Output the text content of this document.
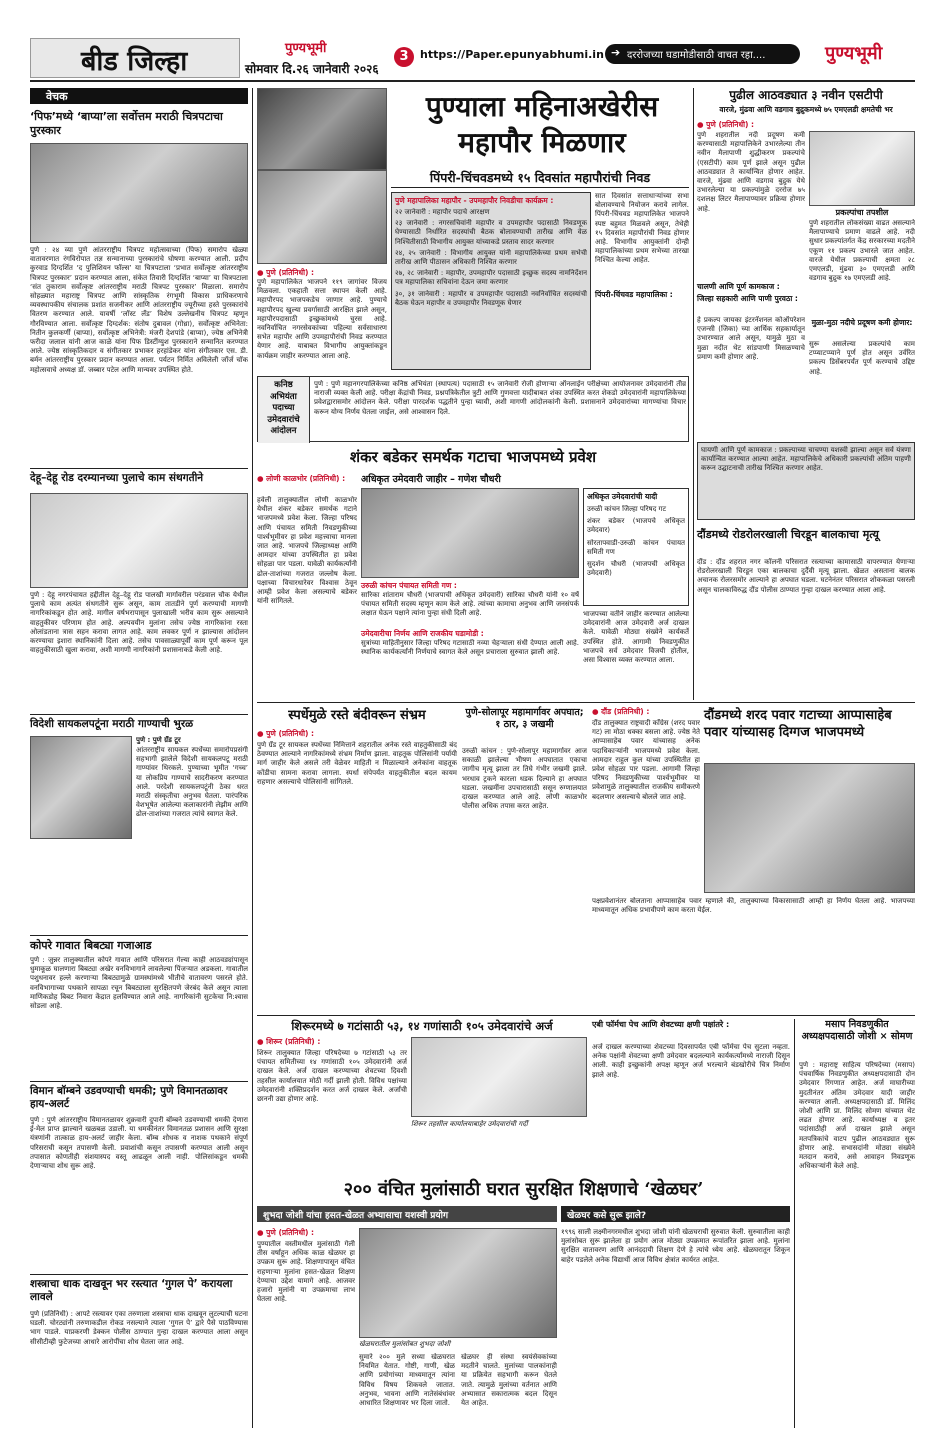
बीड जिल्हा	पुण्यभूमी
सोमवार दि.२६ जानेवारी २०२६
3	https://Paper.epunyabhumi.in ➔ दररोजच्या घडामोडीसाठी वाचत रहा....	पुण्यभूमी
वेचक
‘पिफ’मध्ये ‘बाप्या’ला सर्वोत्तम मराठी चित्रपटाचा पुरस्कार
पुणे : २४ व्या पुणे आंतरराष्ट्रीय चित्रपट महोत्सवाच्या (पिफ) समारोप खेळ्या वातावरणात रंगविरोपात तज्ञ सन्मानाच्या पुरस्कारांचे घोषणा करण्यात आली. प्रदीप कुरवाड दिग्दर्शित ‘द पुलिशियन फॉल्स’ या चित्रपटाला ‘प्रभात सर्वोत्कृष्ट आंतरराष्ट्रीय चित्रपट पुरस्कार’ प्रदान करण्यात आला, संकेत तिवारी दिग्दर्शित ‘बाप्या’ या चित्रपटाला ‘संत तुकाराम सर्वोत्कृष्ट आंतरराष्ट्रीय मराठी चित्रपट पुरस्कार’ मिळाला. समारोप सोहळ्यात महाराष्ट्र चित्रपट आणि सांस्कृतिक रंगभूमी विकास प्राधिकरणाचे व्यवस्थापकीय संचालक प्रशांत सजनीकर आणि आंतरराष्ट्रीय ज्यूरीच्या हस्ते पुरस्कारांचे वितरण करण्यात आले. यावर्षी ‘लॉस्ट लँड’ विशेष उल्लेखनीय चित्रपट म्हणून गौरविण्यात आला. सर्वोत्कृष्ट दिग्दर्शक: संतोष दुबावल (गोध्रा), सर्वोत्कृष्ट अभिनेता: नितीन कुलकर्णी (बाप्या), सर्वोत्कृष्ट अभिनेत्री: मंजरी देशपांडे (बाप्या), ज्येष्ठ अभिनेत्री फरीदा जलाल यांनी आज काळे यांना पिफ डिस्टींग्युश पुरस्काराने सन्मानित करण्यात आले. ज्येष्ठ सांस्कृतिकदार व संगीतकार प्रभाकर हरहांडेकर यांना संगीतकार एस. डी. बर्मन आंतरराष्ट्रीय पुरस्कार प्रदान करण्यात आला. पर्यटन निर्मित अविलेली जॉर्ज चॉक महोत्सवाचे अध्यक्ष डॉ. जब्बार पटेल आणि मान्यवर उपस्थित होते.
देहू–देहू रोड दरम्यानच्या पुलाचे काम संथगतीने
पुणे : देहू नगरपंचायत हद्दीतील देहू–देहू रोड पालखी मार्गावरील परंडवाल चौक येथील पुलाचे काम अत्यंत संथगतीने सुरू असून, काम तातडीने पूर्ण करण्याची मागणी नागरिकांकडून होत आहे. मागील वर्षभरापासून पुलाखाली भरीव काम सुरू असल्याने वाहतुकीवर परिणाम होत आहे. अल्पवयीन मुलांना तसेच ज्येष्ठ नागरिकांना रस्ता ओलांडताना त्रास सहन करावा लागत आहे. काम लवकर पूर्ण न झाल्यास आंदोलन करण्याचा इशारा स्थानिकांनी दिला आहे. तसेच पावसाळ्यापूर्वी काम पूर्ण करून पूल वाहतुकीसाठी खुला करावा, अशी मागणी नागरिकांनी प्रशासनाकडे केली आहे.
विदेशी सायकलपटूंना मराठी गाण्याची भुरळ
पुणे : पुणे ग्रँड टूर
आंतरराष्ट्रीय सायकल स्पर्धेच्या समारोपप्रसंगी सहभागी झालेले विदेशी सायकलपटू मराठी गाण्यांवर थिरकले. पुण्याच्या भूमीत ‘गच्च’ या लोकप्रिय गाण्याचे सादरीकरण करण्यात आले. परदेशी सायकलपटूंनी ठेका धरत मराठी संस्कृतीचा अनुभव घेतला. पारंपरिक वेशभूषेत आलेल्या कलाकारांनी लेझीम आणि ढोल-ताशांच्या गजरात त्यांचे स्वागत केले.
कोपरे गावात बिबट्या गजाआड
पुणे : जुन्नर तालुक्यातील कोपरे गावात आणि परिसरात गेल्या काही आठवड्यांपासून धुमाकूळ घालणारा बिबट्या अखेर वनविभागाने लावलेल्या पिंजऱ्यात अडकला. गावातील पशुधनावर हल्ले करणाऱ्या बिबट्यामुळे ग्रामस्थांमध्ये भीतीचे वातावरण पसरले होते. वनविभागाच्या पथकाने सापळा रचून बिबट्याला सुरक्षितपणे जेरबंद केले असून त्याला माणिकडोह बिबट निवारा केंद्रात हलविण्यात आले आहे. नागरिकांनी सुटकेचा नि:श्वास सोडला आहे.
विमान बॉम्बने उडवण्याची धमकी; पुणे विमानतळावर हाय-अलर्ट
पुणे : पुणे आंतरराष्ट्रीय विमानतळावर शुक्रवारी दुपारी बॉम्बने उडवण्याची धमकी देणारा ई-मेल प्राप्त झाल्याने खळबळ उडाली. या धमकीनंतर विमानतळ प्रशासन आणि सुरक्षा यंत्रणांनी तात्काळ हाय-अलर्ट जाहीर केला. बॉम्ब शोधक व नाशक पथकाने संपूर्ण परिसराची कसून तपासणी केली. प्रवाशांची कसून तपासणी करण्यात आली असून तपासात कोणतीही संशयास्पद वस्तू आढळून आली नाही. पोलिसांकडून धमकी देणाऱ्याचा शोध सुरू आहे.
शस्त्राचा धाक दाखवून भर रस्त्यात ‘गुगल पे’ करायला लावले
पुणे (प्रतिनिधी) : आपटे रस्त्यावर एका तरुणाला शस्त्राचा धाक दाखवून लुटल्याची घटना घडली. चोरट्यांनी तरुणाकडील रोकड नसल्याने त्याला ‘गुगल पे’ द्वारे पैसे पाठविण्यास भाग पाडले. याप्रकरणी डेक्कन पोलीस ठाण्यात गुन्हा दाखल करण्यात आला असून सीसीटीव्ही फुटेजच्या आधारे आरोपींचा शोध घेतला जात आहे.
पुण्याला महिनाअखेरीस
महापौर मिळणार
पिंपरी-चिंचवडमध्ये १५ दिवसांत महापौरांची निवड
● पुणे (प्रतिनिधी) :
पुणे महापालिकेत भाजपने ११९ जागांवर विजय मिळवला. एकहाती सत्ता स्थापन केली आहे. महापौरपद भाजपकडेच जाणार आहे. पुण्याचे महापौरपद खुल्या प्रवर्गासाठी आरक्षित झाले असून, महापौरपदासाठी इच्छुकांमध्ये चुरस आहे. नवनिर्वाचित नगरसेवकांच्या पहिल्या सर्वसाधारण सभेत महापौर आणि उपमहापौरांची निवड करण्यात येणार आहे. याबाबत विभागीय आयुक्तांकडून कार्यक्रम जाहीर करण्यात आला आहे.
पुणे महापालिका महापौर - उपमहापौर निवडीचा कार्यक्रम :
२२ जानेवारी : महापौर पदाचे आरक्षण
२३ जानेवारी : नगरसचिवांनी महापौर व उपमहापौर पदासाठी निवडणूक घेण्यासाठी निर्धारित सदस्यांची बैठक बोलावण्याची तारीख आणि वेळ निश्चितीसाठी विभागीय आयुक्त यांच्याकडे प्रस्ताव सादर करणार
२४, २५ जानेवारी : विभागीय आयुक्त यांनी महापालिकेच्या प्रथम सभेची तारीख आणि पीठासन अधिकारी निश्चित करणार
२७, २८ जानेवारी : महापौर, उपमहापौर पदासाठी इच्छुक सदस्य नामनिर्देशन पत्र महापालिका सचिवांना देऊन जमा करणार
३०, ३१ जानेवारी : महापौर व उपमहापौर पदासाठी नवनिर्वाचित सदस्यांची बैठक घेऊन महापौर व उपमहापौर निवडणूक घेणार
सात दिवसांत सत्ताधाऱ्यांच्या सभा बोलावण्याचे नियोजन करावे लागेल. पिंपरी-चिंचवड महापालिकेत भाजपने स्पष्ट बहुमत मिळवले असून, तेथेही १५ दिवसांत महापौरांची निवड होणार आहे. विभागीय आयुक्तांनी दोन्ही महापालिकांच्या प्रथम सभेच्या तारखा निश्चित केल्या आहेत.
पिंपरी-चिंचवड महापालिका :
कनिष्ठ अभियंता पदाच्या उमेदवारांचे आंदोलन
पुणे : पुणे महानगरपालिकेच्या कनिष्ठ अभियंता (स्थापत्य) पदासाठी १५ जानेवारी रोजी होणाऱ्या ऑनलाईन परीक्षेच्या आयोजनावर उमेदवारांनी तीव्र नाराजी व्यक्त केली आहे. परीक्षा केंद्रांची निवड, प्रश्नपत्रिकेतील त्रुटी आणि गुणवत्ता यादीबाबत शंका उपस्थित करत शेकडो उमेदवारांनी महापालिकेच्या प्रवेशद्वारासमोर आंदोलन केले. परीक्षा पारदर्शक पद्धतीने पुन्हा घ्यावी, अशी मागणी आंदोलकांनी केली. प्रशासनाने उमेदवारांच्या मागण्यांचा विचार करून योग्य निर्णय घेतला जाईल, असे आश्वासन दिले.
शंकर बडेकर समर्थक गटाचा भाजपमध्ये प्रवेश
● लोणी काळभोर (प्रतिनिधी) :
हवेली तालुक्यातील लोणी काळभोर येथील शंकर बडेकर समर्थक गटाने भाजपमध्ये प्रवेश केला. जिल्हा परिषद आणि पंचायत समिती निवडणुकीच्या पार्श्वभूमीवर हा प्रवेश महत्त्वाचा मानला जात आहे. भाजपचे जिल्हाध्यक्ष आणि आमदार यांच्या उपस्थितीत हा प्रवेश सोहळा पार पडला. यावेळी कार्यकर्त्यांनी ढोल-ताशांच्या गजरात जल्लोष केला. पक्षाच्या विचारधारेवर विश्वास ठेवून आम्ही प्रवेश केला असल्याचे बडेकर यांनी सांगितले.
अधिकृत उमेदवारी जाहीर – गणेश चौधरी
उरुळी कांचन पंचायत समिती गण :
सारिका शांताराम चौधरी (भाजपाची अधिकृत उमेदवारी) सारिका चौधरी यांनी १० वर्षे पंचायत समिती सदस्य म्हणून काम केले आहे. त्यांच्या कामाचा अनुभव आणि जनसंपर्क लक्षात घेऊन पक्षाने त्यांना पुन्हा संधी दिली आहे.
उमेदवारीचा निर्णय आणि राजकीय घडामोडी :
सुत्रांच्या माहितीनुसार जिल्हा परिषद गटासाठी नव्या चेहऱ्याला संधी देण्यात आली आहे. स्थानिक कार्यकर्त्यांनी निर्णयाचे स्वागत केले असून प्रचाराला सुरुवात झाली आहे.
अधिकृत उमेदवारांची यादी
उरुळी कांचन जिल्हा परिषद गट
शंकर बडेकर (भाजपचे अधिकृत उमेदवार)
सोरतापवाडी-उरुळी कांचन पंचायत समिती गण
सुदर्शन चौधरी (भाजपची अधिकृत उमेदवारी)
भाजपच्या वतीने जाहीर करण्यात आलेल्या उमेदवारांनी आज उमेदवारी अर्ज दाखल केले. यावेळी मोठ्या संख्येने कार्यकर्ते उपस्थित होते. आगामी निवडणुकीत भाजपचे सर्व उमेदवार विजयी होतील, असा विश्वास व्यक्त करण्यात आला.
पुढील आठवड्यात ३ नवीन एसटीपी
वारजे, मुंढवा आणि वडगाव बुद्रुकमध्ये ७५ एमएलडी क्षमतेची भर
● पुणे (प्रतिनिधी) :
पुणे शहरातील नदी प्रदूषण कमी करण्यासाठी महापालिकेने उभारलेल्या तीन नवीन मैलापाणी शुद्धीकरण प्रकल्पांचे (एसटीपी) काम पूर्ण झाले असून पुढील आठवड्यात ते कार्यान्वित होणार आहेत. वारजे, मुंढवा आणि वडगाव बुद्रुक येथे उभारलेल्या या प्रकल्पांमुळे दररोज ७५ दशलक्ष लिटर मैलापाण्यावर प्रक्रिया होणार आहे.	प्रकल्पांचा तपशील
पुणे शहरातील लोकसंख्या वाढत असल्याने मैलापाण्याचे प्रमाण वाढले आहे. नदी सुधार प्रकल्पांतर्गत केंद्र सरकारच्या मदतीने एकूण ११ प्रकल्प उभारले जात आहेत. वारजे येथील प्रकल्पाची क्षमता २८ एमएलडी, मुंढवा ३० एमएलडी आणि वडगाव बुद्रुक १७ एमएलडी आहे.
चालणी आणि पूर्ण कामकाज :
जिल्हा सहकारी आणि पाणी पुरवठा :
हे प्रकल्प जायका इंटरनॅशनल कोऑपरेशन एजन्सी (जिका) च्या आर्थिक सहकार्यातून उभारण्यात आले असून, यामुळे मुठा व मुळा नदीत थेट सांडपाणी मिसळण्याचे प्रमाण कमी होणार आहे.
मुळा-मुठा नदीचे प्रदूषण कमी होणार:
सुरू असलेल्या प्रकल्पांचे काम टप्प्याटप्प्याने पूर्ण होत असून उर्वरित प्रकल्प डिसेंबरपर्यंत पूर्ण करण्याचे उद्दिष्ट आहे.
घायणी आणि पूर्ण कामकाज : प्रकल्पाच्या चाचण्या यशस्वी झाल्या असून सर्व यंत्रणा कार्यान्वित करण्यात आल्या आहेत. महापालिकेचे अधिकारी प्रकल्पांची अंतिम पाहणी करून उद्घाटनाची तारीख निश्चित करणार आहेत.
दौंडमध्ये रोडरोलरखाली चिरडून बालकाचा मृत्यू
दौंड : दौंड शहरात नगर कॉलनी परिसरात रस्त्याच्या कामासाठी वापरण्यात येणाऱ्या रोडरोलरखाली चिरडून एका बालकाचा दुर्दैवी मृत्यू झाला. खेळत असताना बालक अचानक रोलरसमोर आल्याने हा अपघात घडला. घटनेनंतर परिसरात शोककळा पसरली असून चालकाविरुद्ध दौंड पोलीस ठाण्यात गुन्हा दाखल करण्यात आला आहे.
स्पर्धेमुळे रस्ते बंदीवरून संभ्रम
● पुणे (प्रतिनिधी) :
पुणे ग्रँड टूर सायकल स्पर्धेच्या निमित्ताने शहरातील अनेक रस्ते वाहतुकीसाठी बंद ठेवण्यात आल्याने नागरिकांमध्ये संभ्रम निर्माण झाला. वाहतूक पोलिसांनी पर्यायी मार्ग जाहीर केले असले तरी वेळेवर माहिती न मिळाल्याने अनेकांना वाहतूक कोंडीचा सामना करावा लागला. स्पर्धा संपेपर्यंत वाहतुकीतील बदल कायम राहणार असल्याचे पोलिसांनी सांगितले.
पुणे-सोलापूर महामार्गावर अपघात; १ ठार, ३ जखमी
उरुळी कांचन : पुणे-सोलापूर महामार्गावर आज सकाळी झालेल्या भीषण अपघातात एकाचा जागीच मृत्यू झाला तर तिघे गंभीर जखमी झाले. भरधाव ट्रकने कारला धडक दिल्याने हा अपघात घडला. जखमींना उपचारासाठी ससून रुग्णालयात दाखल करण्यात आले आहे. लोणी काळभोर पोलीस अधिक तपास करत आहेत.
● दौंड (प्रतिनिधी) :
दौंड तालुक्यात राष्ट्रवादी काँग्रेस (शरद पवार गट) ला मोठा धक्का बसला आहे. ज्येष्ठ नेते आप्पासाहेब पवार यांच्यासह अनेक पदाधिकाऱ्यांनी भाजपमध्ये प्रवेश केला. आमदार राहुल कुल यांच्या उपस्थितीत हा प्रवेश सोहळा पार पडला. आगामी जिल्हा परिषद निवडणुकीच्या पार्श्वभूमीवर या प्रवेशामुळे तालुक्यातील राजकीय समीकरणे बदलणार असल्याचे बोलले जात आहे.
दौंडमध्ये शरद पवार गटाच्या आप्पासाहेब पवार यांच्यासह दिग्गज भाजपमध्ये
पक्षप्रवेशानंतर बोलताना आप्पासाहेब पवार म्हणाले की, तालुक्याच्या विकासासाठी आम्ही हा निर्णय घेतला आहे. भाजपच्या माध्यमातून अधिक प्रभावीपणे काम करता येईल.
शिरूरमध्ये ७ गटांसाठी ५३, १४ गणांसाठी १०५ उमेदवारांचे अर्ज
● शिरूर (प्रतिनिधी) :
शिरूर तालुक्यात जिल्हा परिषदेच्या ७ गटांसाठी ५३ तर पंचायत समितीच्या १४ गणांसाठी १०५ उमेदवारांनी अर्ज दाखल केले. अर्ज दाखल करण्याच्या शेवटच्या दिवशी तहसील कार्यालयात मोठी गर्दी झाली होती. विविध पक्षांच्या उमेदवारांनी शक्तिप्रदर्शन करत अर्ज दाखल केले. अर्जांची छाननी उद्या होणार आहे.
शिरूर तहसील कार्यालयाबाहेर उमेदवारांची गर्दी
एबी फॉर्मचा पेच आणि शेवटच्या क्षणी पक्षांतरे :
अर्ज दाखल करण्याच्या शेवटच्या दिवसापर्यंत एबी फॉर्मचा पेच सुटला नव्हता. अनेक पक्षांनी शेवटच्या क्षणी उमेदवार बदलल्याने कार्यकर्त्यांमध्ये नाराजी दिसून आली. काही इच्छुकांनी अपक्ष म्हणून अर्ज भरल्याने बंडखोरीचे चित्र निर्माण झाले आहे.
मसाप निवडणुकीत अध्यक्षपदासाठी जोशी × सोमण
पुणे : महाराष्ट्र साहित्य परिषदेच्या (मसाप) पंचवार्षिक निवडणुकीत अध्यक्षपदासाठी दोन उमेदवार रिंगणात आहेत. अर्ज माघारीच्या मुदतीनंतर अंतिम उमेदवार यादी जाहीर करण्यात आली. अध्यक्षपदासाठी डॉ. मिलिंद जोशी आणि प्रा. मिलिंद सोमण यांच्यात थेट लढत होणार आहे. कार्याध्यक्ष व इतर पदांसाठीही अर्ज दाखल झाले असून मतपत्रिकांचे वाटप पुढील आठवड्यात सुरू होणार आहे. सभासदांनी मोठ्या संख्येने मतदान करावे, असे आवाहन निवडणूक अधिकाऱ्यांनी केले आहे.
२०० वंचित मुलांसाठी घरात सुरक्षित शिक्षणाचे ‘खेळघर’
शुभदा जोशी यांचा हसत-खेळत अभ्यासाचा यशस्वी प्रयोग	खेळघर कसे सुरू झाले?
● पुणे (प्रतिनिधी) :
पुण्यातील वस्तीमधील मुलांसाठी गेली तीस वर्षांहून अधिक काळ खेळघर हा उपक्रम सुरू आहे. शिक्षणापासून वंचित राहणाऱ्या मुलांना हसत-खेळत शिक्षण देण्याचा उद्देश यामागे आहे. आजवर हजारो मुलांनी या उपक्रमाचा लाभ घेतला आहे.
खेळघरातील मुलांसोबत शुभदा जोशी
सुमारे २०० मुले सध्या खेळघरात नियमित येतात. गोष्टी, गाणी, खेळ आणि प्रयोगांच्या माध्यमातून त्यांना विविध विषय शिकवले जातात. अनुभव, भावना आणि नातेसंबंधांवर आधारित शिक्षणावर भर दिला जातो.
खेळघर ही संस्था स्वयंसेवकांच्या मदतीने चालते. मुलांच्या पालकांनाही या प्रक्रियेत सहभागी करून घेतले जाते. त्यामुळे मुलांच्या वर्तनात आणि अभ्यासात सकारात्मक बदल दिसून येत आहेत.
१९९६ साली लक्ष्मीनगरमधील शुभदा जोशी यांनी खेळघराची सुरुवात केली. सुरुवातीला काही मुलांसोबत सुरू झालेला हा प्रयोग आज मोठ्या उपक्रमात रूपांतरित झाला आहे. मुलांना सुरक्षित वातावरण आणि आनंददायी शिक्षण देणे हे त्यांचे ध्येय आहे. खेळघरातून शिकून बाहेर पडलेले अनेक विद्यार्थी आज विविध क्षेत्रांत कार्यरत आहेत.
